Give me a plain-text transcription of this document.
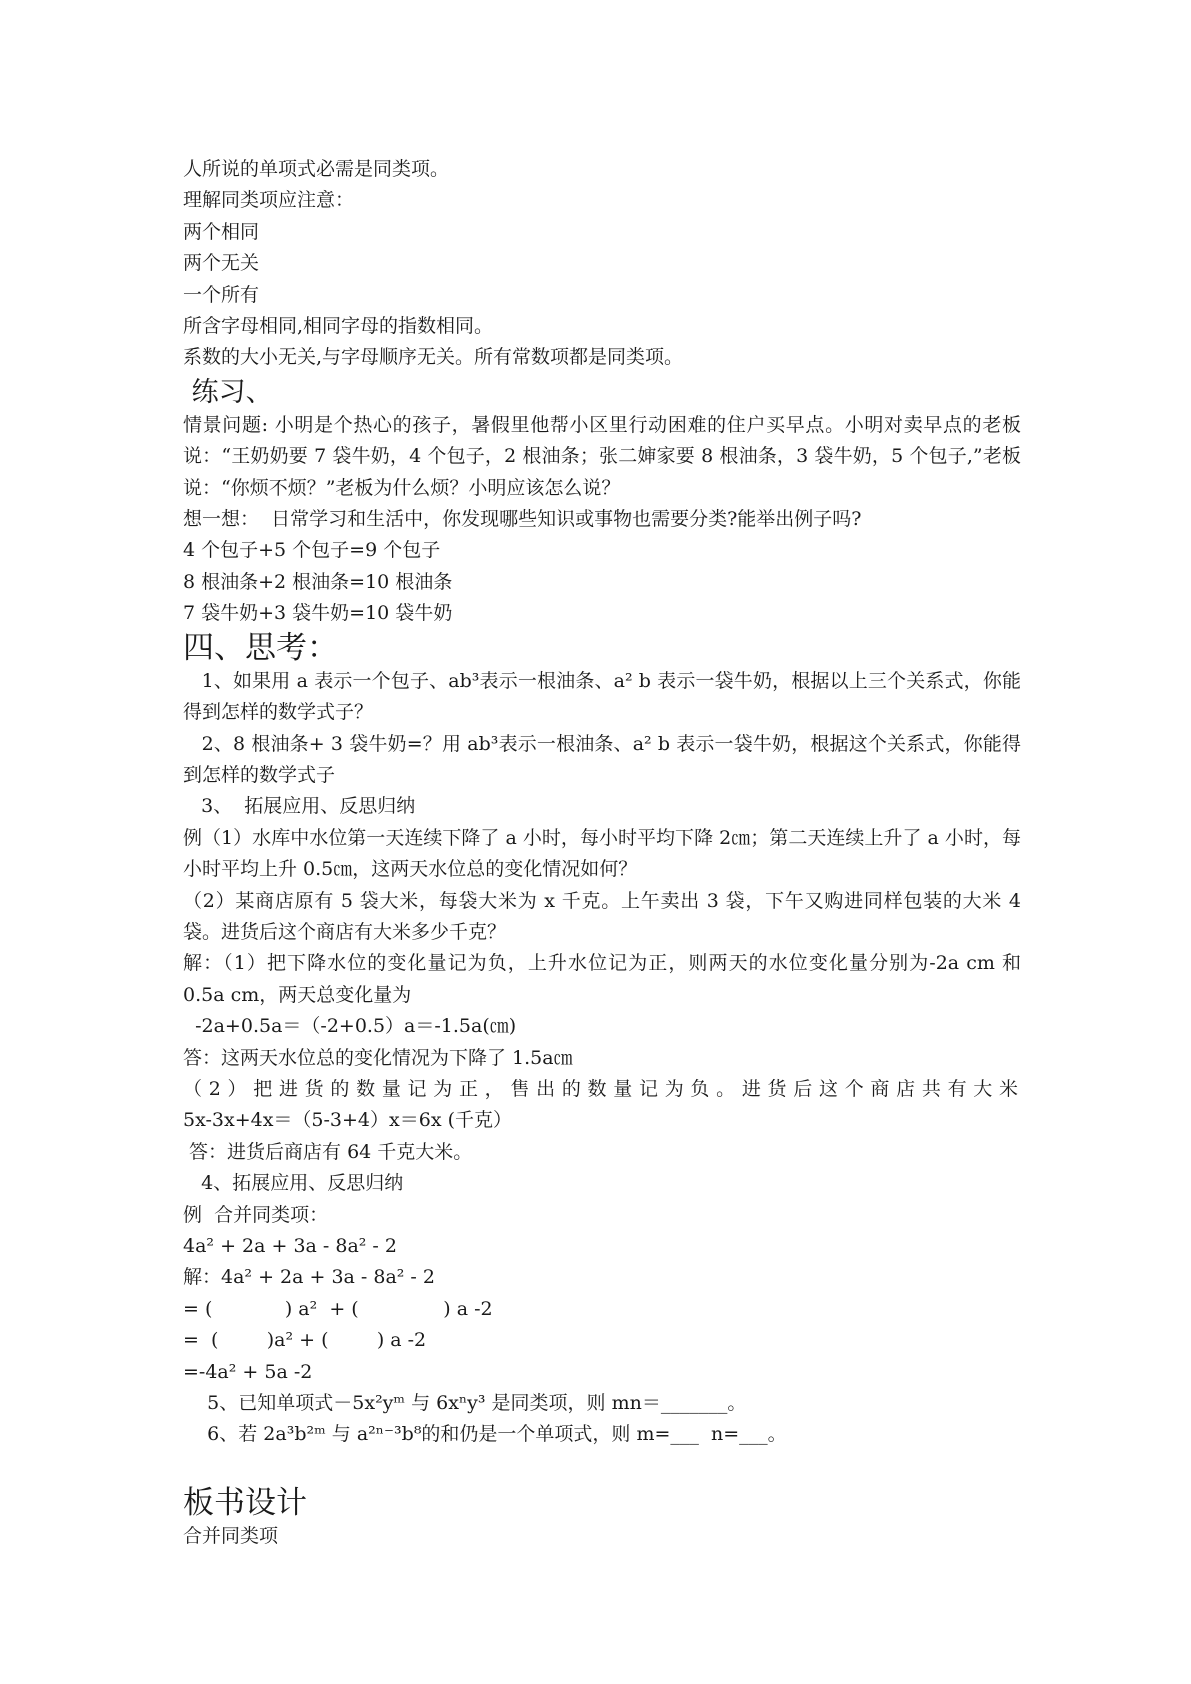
人所说的单项式必需是同类项。
理解同类项应注意：
两个相同
两个无关
一个所有
所含字母相同,相同字母的指数相同。
系数的大小无关,与字母顺序无关。所有常数项都是同类项。
练习、
情景问题: 小明是个热心的孩子，暑假里他帮小区里行动困难的住户买早点。小明对卖早点的老板说：“王奶奶要 7 袋牛奶，4 个包子，2 根油条；张二婶家要 8 根油条，3 袋牛奶，5 个包子,”老板说：“你烦不烦？”老板为什么烦？小明应该怎么说？
想一想：  日常学习和生活中，你发现哪些知识或事物也需要分类?能举出例子吗?
4 个包子+5 个包子=9 个包子
8 根油条+2 根油条=10 根油条
7 袋牛奶+3 袋牛奶=10 袋牛奶
四、思考：
1、如果用 a 表示一个包子、ab³表示一根油条、a² b 表示一袋牛奶，根据以上三个关系式，你能得到怎样的数学式子？
2、8 根油条+ 3 袋牛奶=？用 ab³表示一根油条、a² b 表示一袋牛奶，根据这个关系式，你能得到怎样的数学式子
3、  拓展应用、反思归纳
例（1）水库中水位第一天连续下降了 a 小时，每小时平均下降 2㎝；第二天连续上升了 a 小时，每小时平均上升 0.5㎝，这两天水位总的变化情况如何？
（2）某商店原有 5 袋大米，每袋大米为 x 千克。上午卖出 3 袋，下午又购进同样包装的大米 4 袋。进货后这个商店有大米多少千克？
解：（1）把下降水位的变化量记为负，上升水位记为正，则两天的水位变化量分别为-2a cm 和 0.5a cm，两天总变化量为
-2a+0.5a＝（-2+0.5）a＝-1.5a(㎝)
答：这两天水位总的变化情况为下降了 1.5a㎝
（2）把进货的数量记为正，售出的数量记为负。进货后这个商店共有大米
5x-3x+4x＝（5-3+4）x＝6x (千克）
答：进货后商店有 64 千克大米。
4、拓展应用、反思归纳
例  合并同类项：
4a² + 2a + 3a - 8a² - 2
解：4a² + 2a + 3a - 8a² - 2
= (            ) a²  + (              ) a -2
=  (        )a² + (        ) a -2
=-4a² + 5a -2
5、已知单项式－5x²yᵐ 与 6xⁿy³ 是同类项，则 mn＝_______。
6、若 2a³b²ᵐ 与 a²ⁿ⁻³b⁸的和仍是一个单项式，则 m=___  n=___。
板书设计
合并同类项
